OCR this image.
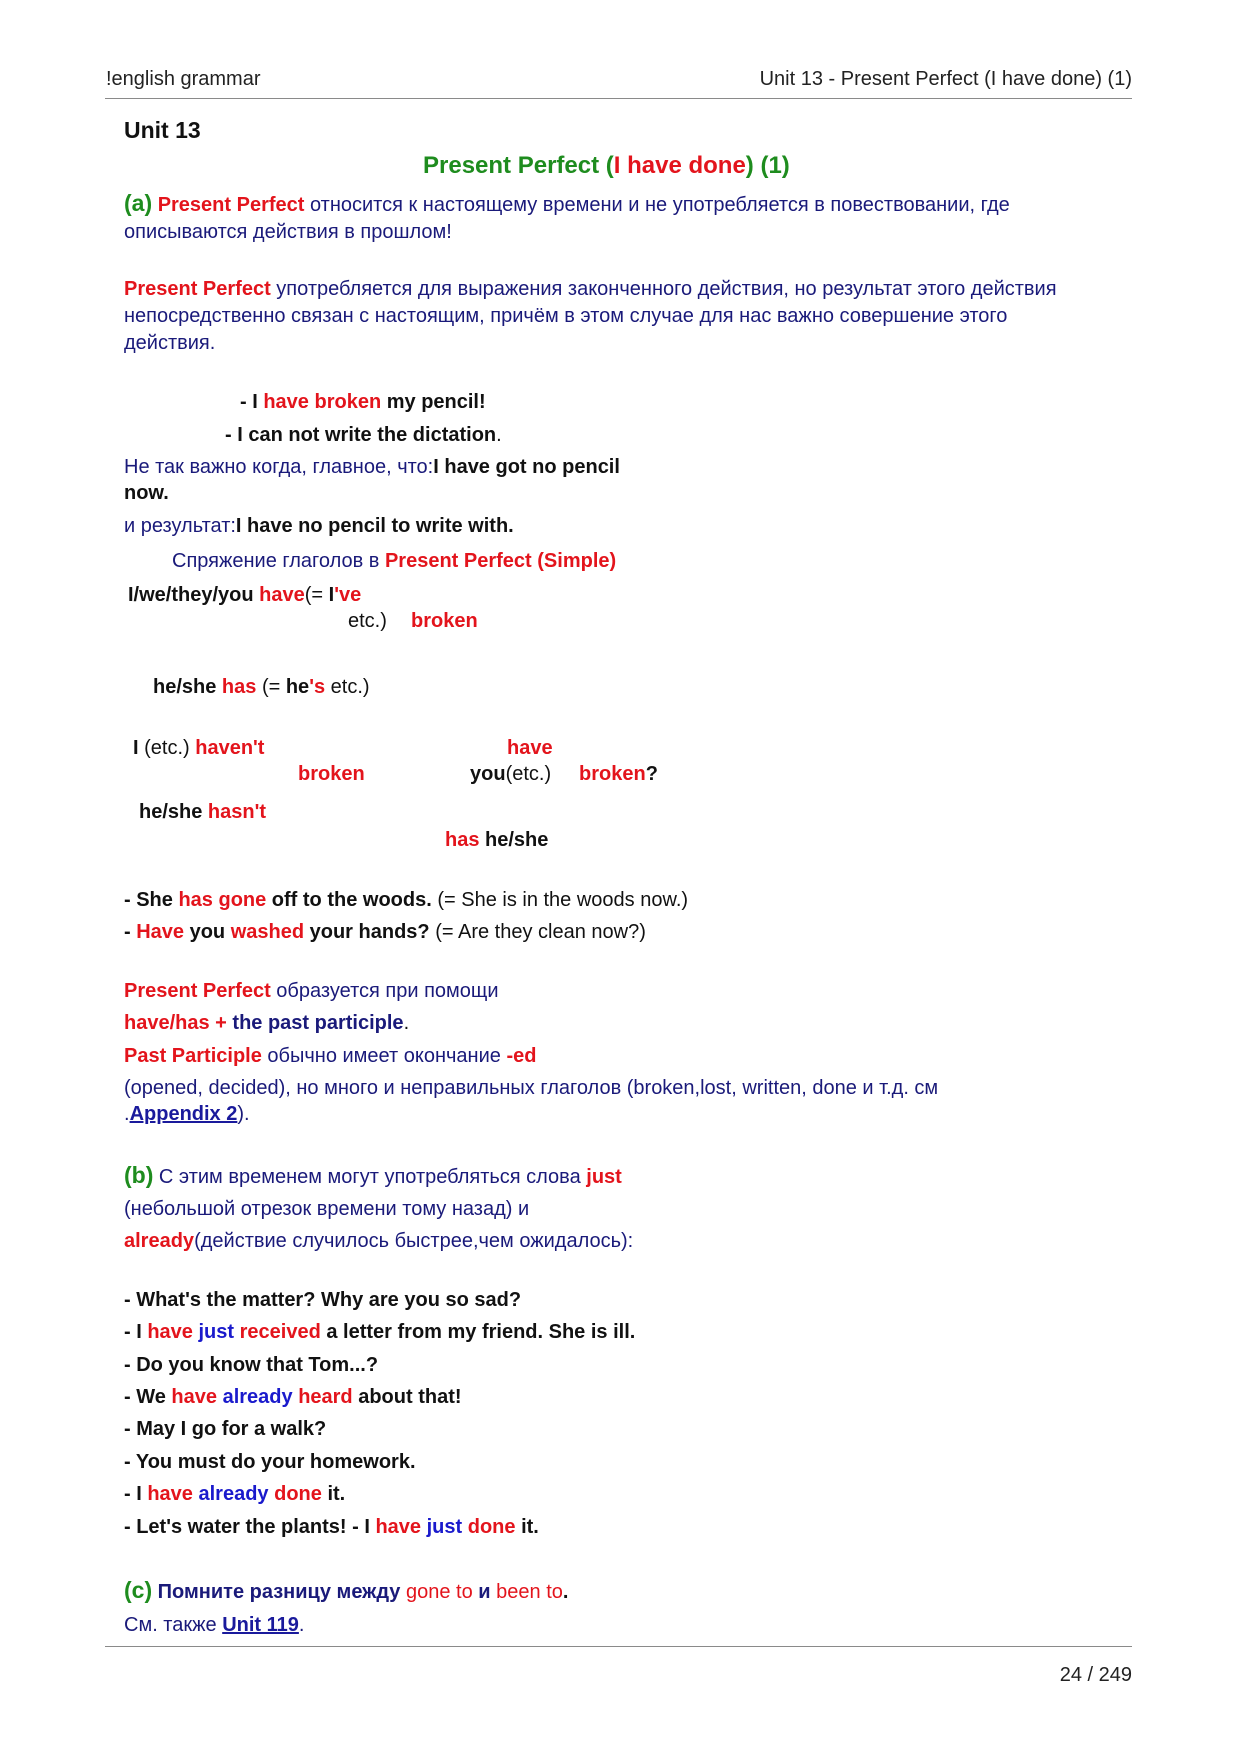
!english grammar	Unit 13 - Present Perfect (I have done) (1)
Unit 13
Present Perfect (I have done) (1)
(a) Present Perfect относится к настоящему времени и не употребляется в повествовании, где описываются действия в прошлом!
Present Perfect употребляется для выражения законченного действия, но результат этого действия непосредственно связан с настоящим, причём в этом случае для нас важно совершение этого действия.
- I have broken my pencil!
- I can not write the dictation.
Не так важно когда, главное, что:I have got no pencil
now.
и результат:I have no pencil to write with.
Спряжение глаголов в Present Perfect (Simple)
I/we/they/you have(= I've
etc.) broken
he/she has (= he's etc.)
I (etc.) haven't
broken
he/she hasn't
have
you(etc.) broken?
has he/she
- She has gone off to the woods. (= She is in the woods now.)
- Have you washed your hands? (= Are they clean now?)
Present Perfect образуется при помощи
have/has + the past participle.
Past Participle обычно имеет окончание -ed
(opened, decided), но много и неправильных глаголов (broken,lost, written, done и т.д. см
.Appendix 2).
(b) С этим временем могут употребляться слова just
(небольшой отрезок времени тому назад) и
already(действие случилось быстрее,чем ожидалось):
- What's the matter? Why are you so sad?
- I have just received a letter from my friend. She is ill.
- Do you know that Tom...?
- We have already heard about that!
- May I go for a walk?
- You must do your homework.
- I have already done it.
- Let's water the plants! - I have just done it.
(c) Помните разницу между gone to и been to.
См. также Unit 119.
24 / 249
